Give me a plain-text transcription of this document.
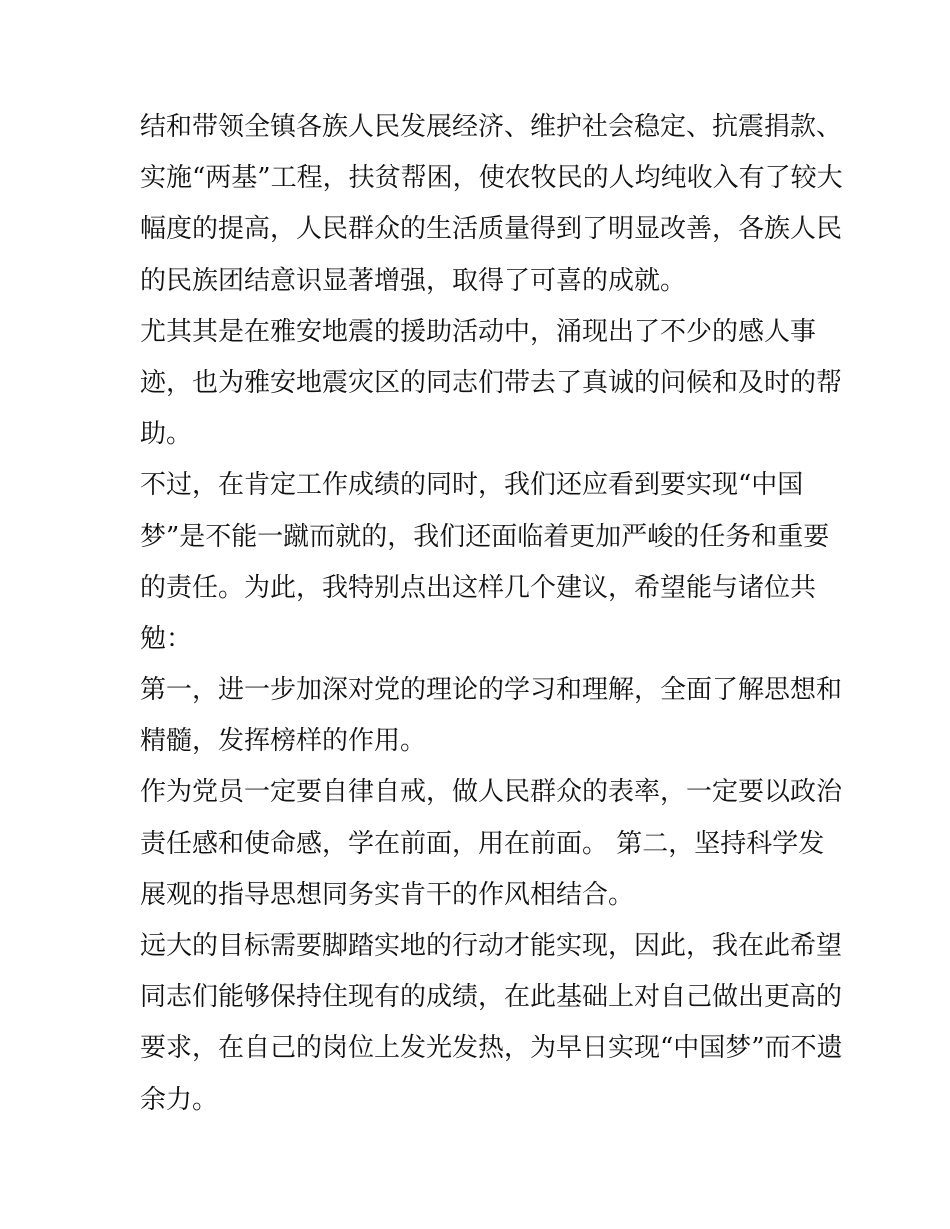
结和带领全镇各族人民发展经济、维护社会稳定、抗震捐款、
实施“两基”工程，扶贫帮困，使农牧民的人均纯收入有了较大
幅度的提高，人民群众的生活质量得到了明显改善，各族人民
的民族团结意识显著增强，取得了可喜的成就。
尤其其是在雅安地震的援助活动中，涌现出了不少的感人事
迹，也为雅安地震灾区的同志们带去了真诚的问候和及时的帮
助。
不过，在肯定工作成绩的同时，我们还应看到要实现“中国
梦”是不能一蹴而就的，我们还面临着更加严峻的任务和重要
的责任。为此，我特别点出这样几个建议，希望能与诸位共
勉：
第一，进一步加深对党的理论的学习和理解，全面了解思想和
精髓，发挥榜样的作用。
作为党员一定要自律自戒，做人民群众的表率，一定要以政治
责任感和使命感，学在前面，用在前面。 第二，坚持科学发
展观的指导思想同务实肯干的作风相结合。
远大的目标需要脚踏实地的行动才能实现，因此，我在此希望
同志们能够保持住现有的成绩，在此基础上对自己做出更高的
要求，在自己的岗位上发光发热，为早日实现“中国梦”而不遗
余力。
